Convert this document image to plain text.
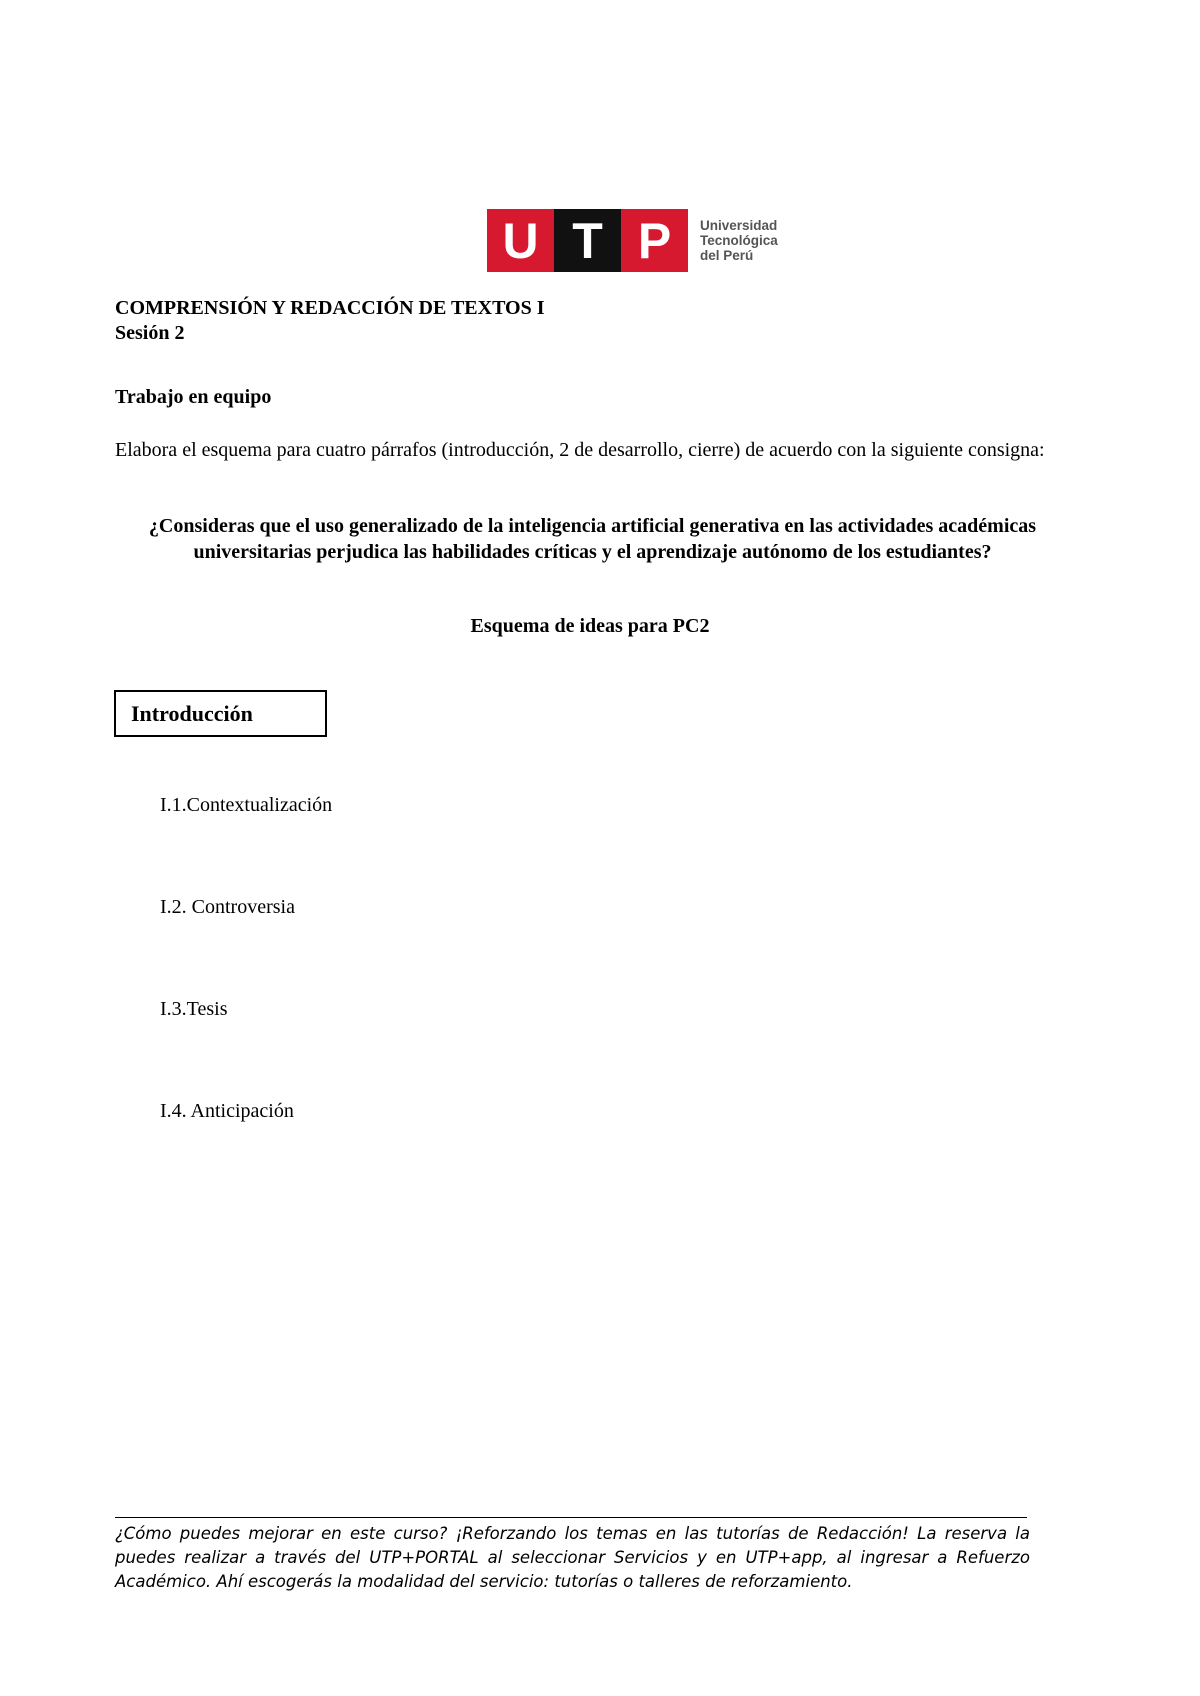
U T P	Universidad
Tecnológica
del Perú
COMPRENSIÓN Y REDACCIÓN DE TEXTOS I
Sesión 2
Trabajo en equipo
Elabora el esquema para cuatro párrafos (introducción, 2 de desarrollo, cierre) de acuerdo con la siguiente consigna:
¿Consideras que el uso generalizado de la inteligencia artificial generativa en las actividades académicas universitarias perjudica las habilidades críticas y el aprendizaje autónomo de los estudiantes?
Esquema de ideas para PC2
Introducción
I.1.Contextualización
I.2. Controversia
I.3.Tesis
I.4. Anticipación
¿Cómo puedes mejorar en este curso? ¡Reforzando los temas en las tutorías de Redacción! La reserva la puedes realizar a través del UTP+PORTAL al seleccionar Servicios y en UTP+app, al ingresar a Refuerzo Académico. Ahí escogerás la modalidad del servicio: tutorías o talleres de reforzamiento.
